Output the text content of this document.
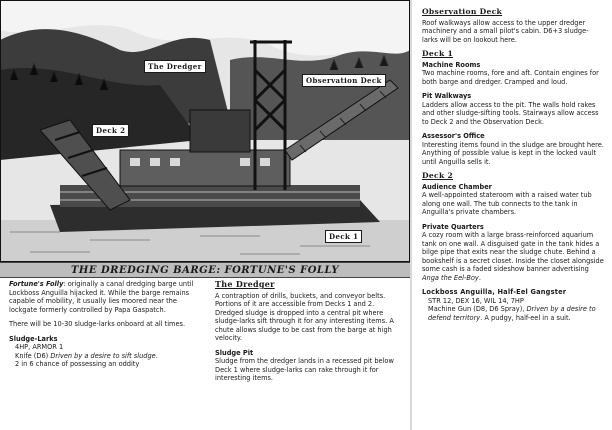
The Dredger
Observation Deck
Deck 2
Deck 1
THE DREDGING BARGE: FORTUNE'S FOLLY

Fortune's Folly: originally a canal dredging barge until Lockboss Anguilla hijacked it. While the barge remains capable of mobility, it usually lies moored near the lockgate formerly controlled by Papa Gaspatch.

There will be 10-30 sludge-larks onboard at all times.

Sludge-Larks
4HP, ARMOR 1
Knife (D6) Driven by a desire to sift sludge.
2 in 6 chance of possessing an oddity
The Dredger

A contraption of drills, buckets, and conveyor belts. Portions of it are accessible from Decks 1 and 2. Dredged sludge is dropped into a central pit where sludge-larks sift through it for any interesting items. A chute allows sludge to be cast from the barge at high velocity.

Sludge Pit

Sludge from the dredger lands in a recessed pit below Deck 1 where sludge-larks can rake through it for interesting items.

Observation Deck
Roof walkways allow access to the upper dredger machinery and a small pilot's cabin. D6+3 sludge-larks will be on lookout here.
Deck 1
Machine Rooms
Two machine rooms, fore and aft. Contain engines for both barge and dredger. Cramped and loud.
Pit Walkways
Ladders allow access to the pit. The walls hold rakes and other sludge-sifting tools. Stairways allow access to Deck 2 and the Observation Deck.
Assessor's Office
Interesting items found in the sludge are brought here. Anything of possible value is kept in the locked vault until Anguilla sells it.
Deck 2
Audience Chamber
A well-appointed stateroom with a raised water tub along one wall. The tub connects to the tank in Anguilla's private chambers.
Private Quarters
A cozy room with a large brass-reinforced aquarium tank on one wall. A disguised gate in the tank hides a bilge pipe that exits near the sludge chute. Behind a bookshelf is a secret closet. Inside the closet alongside some cash is a faded sideshow banner advertising Anga the Eel-Boy.
Lockboss Anguilla, Half-Eel Gangster
STR 12, DEX 16, WIL 14, 7HP
Machine Gun (D8, D6 Spray), Driven by a desire to defend territory. A pudgy, half-eel in a suit.
